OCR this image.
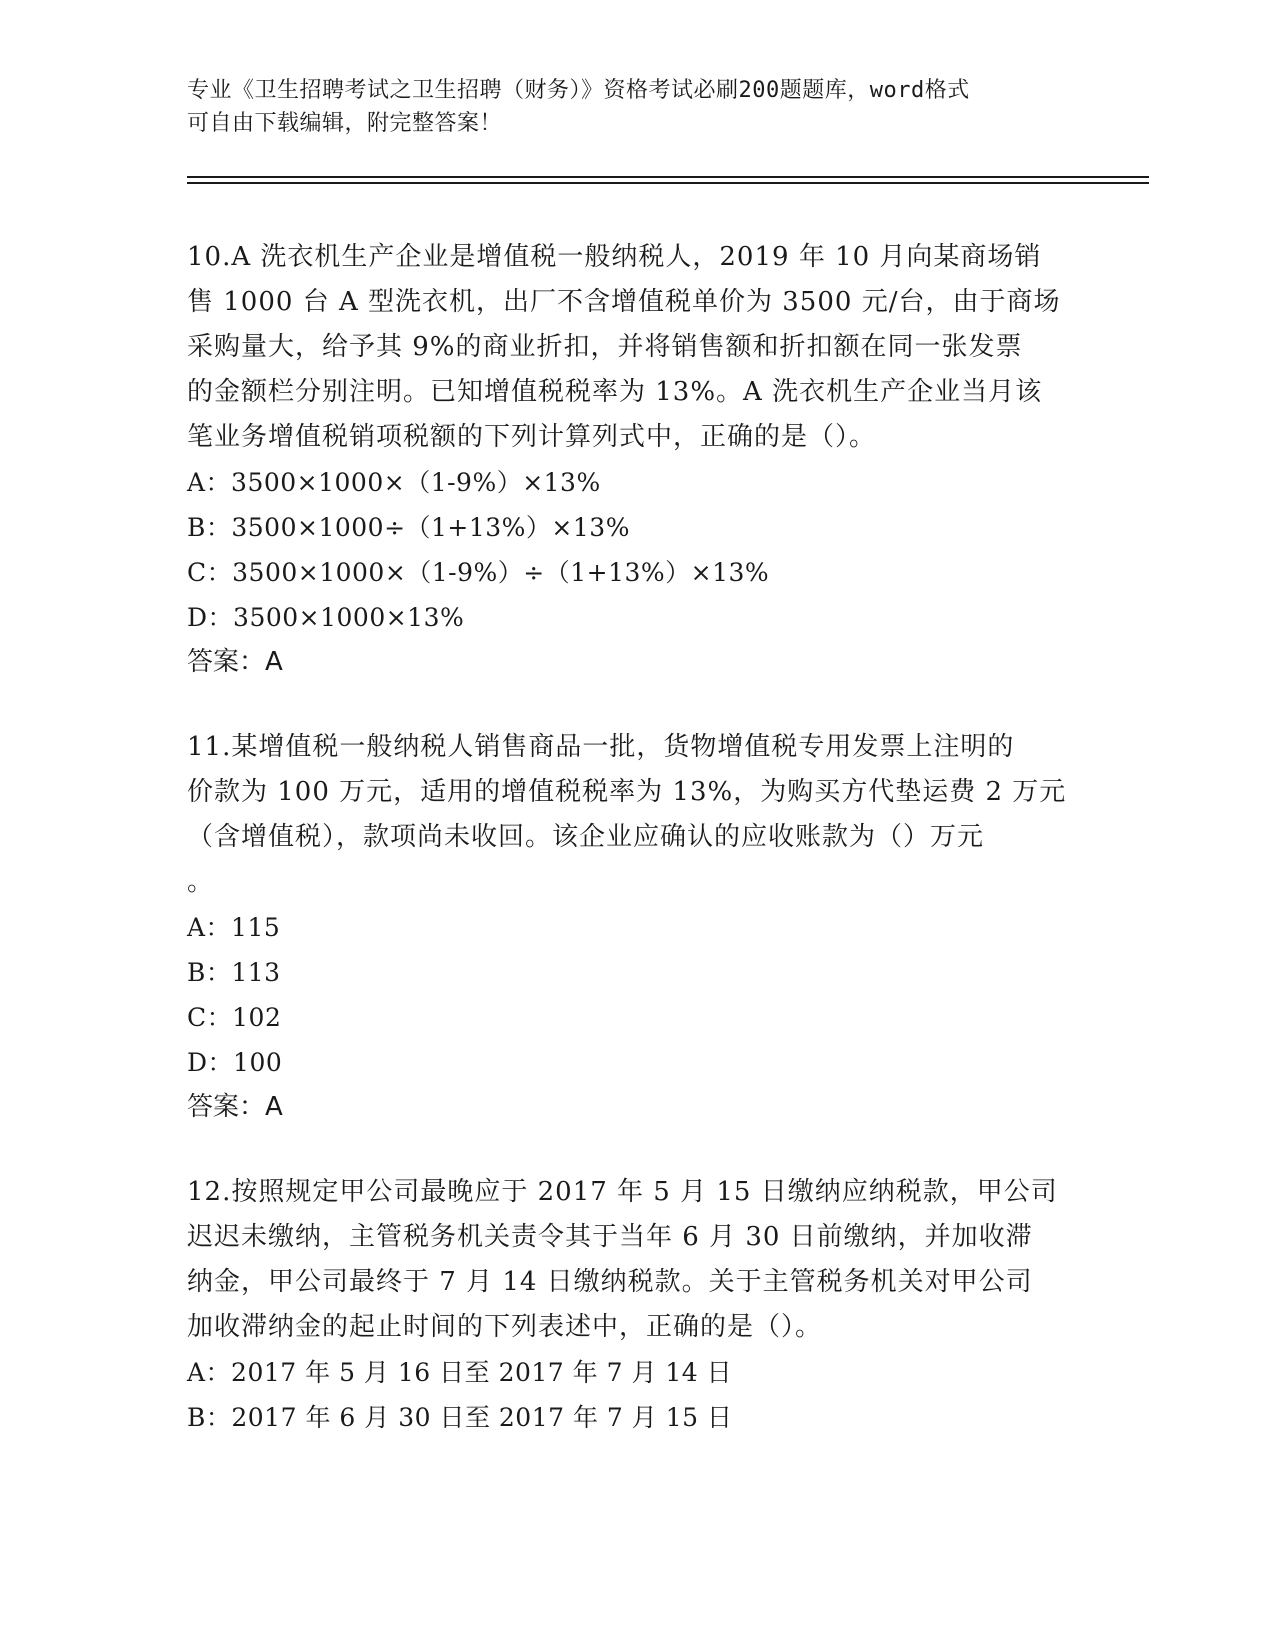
专业《卫生招聘考试之卫生招聘（财务）》资格考试必刷200题题库，word格式
可自由下载编辑，附完整答案！

10.A 洗衣机生产企业是增值税一般纳税人，2019 年 10 月向某商场销

售 1000 台 A 型洗衣机，出厂不含增值税单价为 3500 元/台，由于商场

采购量大，给予其 9%的商业折扣，并将销售额和折扣额在同一张发票

的金额栏分别注明。已知增值税税率为 13%。A 洗衣机生产企业当月该

笔业务增值税销项税额的下列计算列式中，正确的是（）。

A：3500×1000×（1-9%）×13%

B：3500×1000÷（1+13%）×13%

C：3500×1000×（1-9%）÷（1+13%）×13%

D：3500×1000×13%

答案：A

11.某增值税一般纳税人销售商品一批，货物增值税专用发票上注明的

价款为 100 万元，适用的增值税税率为 13%，为购买方代垫运费 2 万元

（含增值税），款项尚未收回。该企业应确认的应收账款为（）万元

。

A：115

B：113

C：102

D：100

答案：A

12.按照规定甲公司最晚应于 2017 年 5 月 15 日缴纳应纳税款，甲公司

迟迟未缴纳，主管税务机关责令其于当年 6 月 30 日前缴纳，并加收滞

纳金，甲公司最终于 7 月 14 日缴纳税款。关于主管税务机关对甲公司

加收滞纳金的起止时间的下列表述中，正确的是（）。

A：2017 年 5 月 16 日至 2017 年 7 月 14 日

B：2017 年 6 月 30 日至 2017 年 7 月 15 日
